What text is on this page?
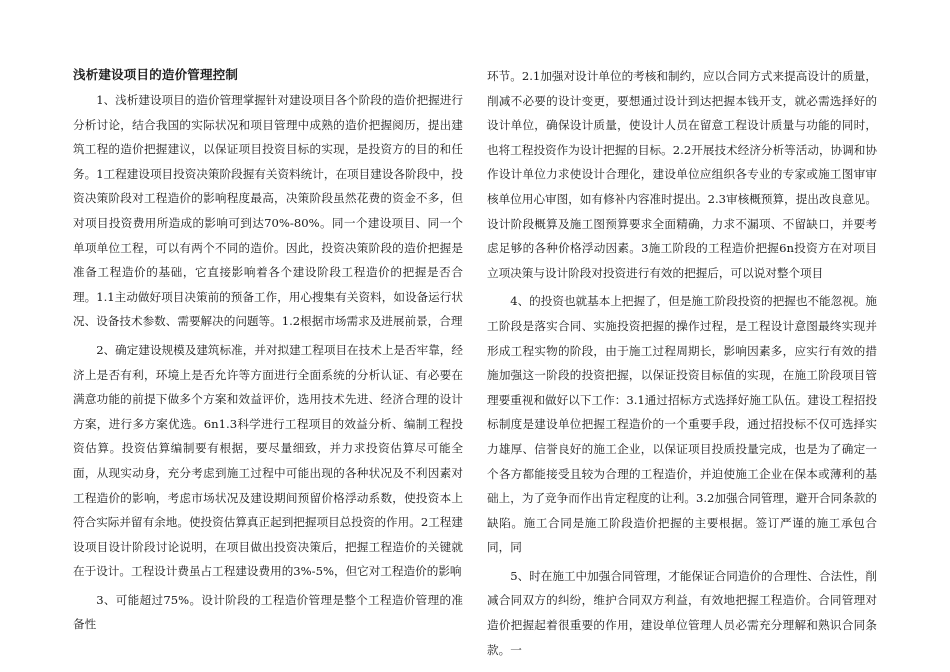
浅析建设项目的造价管理控制

1、浅析建设项目的造价管理掌握针对建设项目各个阶段的造价把握进行分析讨论，结合我国的实际状况和项目管理中成熟的造价把握阅历，提出建筑工程的造价把握建议，以保证项目投资目标的实现，是投资方的目的和任务。1工程建设项目投资决策阶段握有关资料统计，在项目建设各阶段中，投资决策阶段对工程造价的影响程度最高，决策阶段虽然花费的资金不多，但对项目投资费用所造成的影响可到达70%-80%。同一个建设项目、同一个单项单位工程，可以有两个不同的造价。因此，投资决策阶段的造价把握是准备工程造价的基础，它直接影响着各个建设阶段工程造价的把握是否合理。1.1主动做好项目决策前的预备工作，用心搜集有关资料，如设备运行状况、设备技术参数、需要解决的问题等。1.2根据市场需求及进展前景，合理

2、确定建设规模及建筑标准，并对拟建工程项目在技术上是否牢靠，经济上是否有利，环境上是否允许等方面进行全面系统的分析认证、有必要在满意功能的前提下做多个方案和效益评价，选用技术先进、经济合理的设计方案，进行多方案优选。6n1.3科学进行工程项目的效益分析、编制工程投资估算。投资估算编制要有根据，要尽量细致，并力求投资估算尽可能全面，从现实动身，充分考虑到施工过程中可能出现的各种状况及不利因素对工程造价的影响，考虑市场状况及建设期间预留价格浮动系数，使投资本上符合实际并留有余地。使投资估算真正起到把握项目总投资的作用。2工程建设项目设计阶段讨论说明，在项目做出投资决策后，把握工程造价的关键就在于设计。工程设计费虽占工程建设费用的3%-5%，但它对工程造价的影响

3、可能超过75%。设计阶段的工程造价管理是整个工程造价管理的准备性

环节。2.1加强对设计单位的考核和制约，应以合同方式来提高设计的质量，削减不必要的设计变更，要想通过设计到达把握本钱开支，就必需选择好的设计单位，确保设计质量，使设计人员在留意工程设计质量与功能的同时，也将工程投资作为设计把握的目标。2.2开展技术经济分析等活动，协调和协作设计单位力求使设计合理化，建设单位应组织各专业的专家或施工图审审核单位用心审图，如有修补内容准时提出。2.3审核概预算，提出改良意见。设计阶段概算及施工图预算要求全面精确，力求不漏项、不留缺口，并要考虑足够的各种价格浮动因素。3施工阶段的工程造价把握6n投资方在对项目立项决策与设计阶段对投资进行有效的把握后，可以说对整个项目

4、的投资也就基本上把握了，但是施工阶段投资的把握也不能忽视。施工阶段是落实合同、实施投资把握的操作过程，是工程设计意图最终实现并形成工程实物的阶段，由于施工过程周期长，影响因素多，应实行有效的措施加强这一阶段的投资把握，以保证投资目标值的实现，在施工阶段项目管理要重视和做好以下工作：3.1通过招标方式选择好施工队伍。建设工程招投标制度是建设单位把握工程造价的一个重要手段，通过招投标不仅可选择实力雄厚、信誉良好的施工企业，以保证项目投质投量完成，也是为了确定一个各方都能接受且较为合理的工程造价，并迫使施工企业在保本或薄利的基础上，为了竞争而作出肯定程度的让利。3.2加强合同管理，避开合同条款的缺陷。施工合同是施工阶段造价把握的主要根据。签订严谨的施工承包合同，同

5、时在施工中加强合同管理，才能保证合同造价的合理性、合法性，削减合同双方的纠纷，维护合同双方利益，有效地把握工程造价。合同管理对造价把握起着很重要的作用，建设单位管理人员必需充分理解和熟识合同条款。一
